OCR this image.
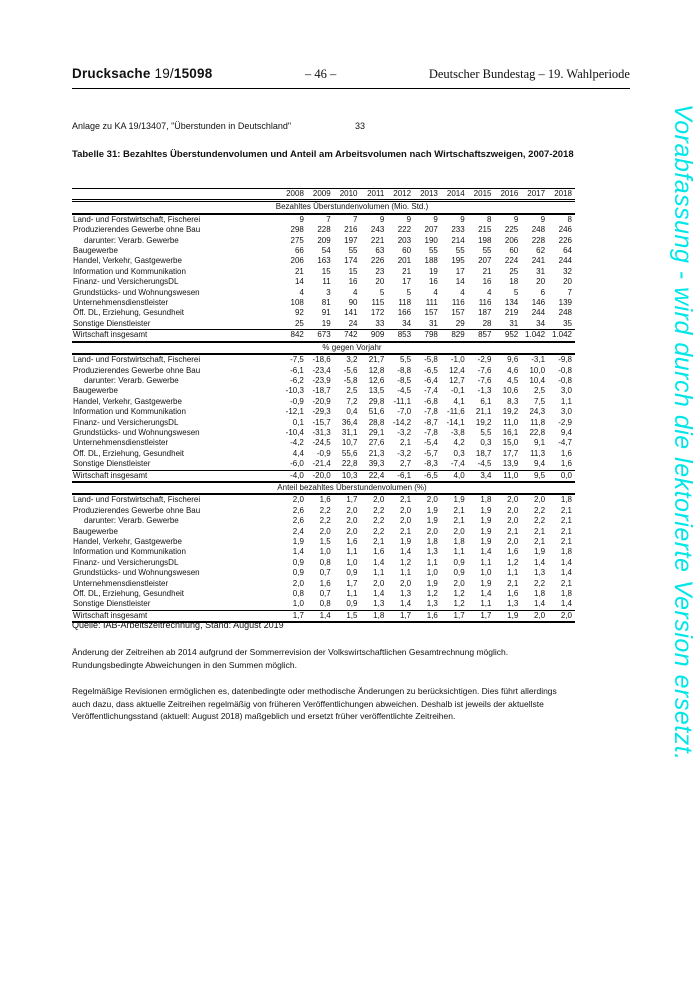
Drucksache 19/15098	– 46 –	Deutscher Bundestag – 19. Wahlperiode
Anlage zu KA 19/13407, "Überstunden in Deutschland"	33
Tabelle 31: Bezahltes Überstundenvolumen und Anteil am Arbeitsvolumen nach Wirtschaftszweigen, 2007-2018
	2008	2009	2010	2011	2012	2013	2014	2015	2016	2017	2018
Bezahltes Überstundenvolumen (Mio. Std.)											
Land- und Forstwirtschaft, Fischerei	9	7	7	9	9	9	9	8	9	9	8
Produzierendes Gewerbe ohne Bau	298	228	216	243	222	207	233	215	225	248	246
darunter: Verarb. Gewerbe	275	209	197	221	203	190	214	198	206	228	226
Baugewerbe	66	54	55	63	60	55	55	55	60	62	64
Handel, Verkehr, Gastgewerbe	206	163	174	226	201	188	195	207	224	241	244
Information und Kommunikation	21	15	15	23	21	19	17	21	25	31	32
Finanz- und VersicherungsDL	14	11	16	20	17	16	14	16	18	20	20
Grundstücks- und Wohnungswesen	4	3	4	5	5	4	4	4	5	6	7
Unternehmensdienstleister	108	81	90	115	118	111	116	116	134	146	139
Öff. DL, Erziehung, Gesundheit	92	91	141	172	166	157	157	187	219	244	248
Sonstige Dienstleister	25	19	24	33	34	31	29	28	31	34	35
Wirtschaft insgesamt	842	673	742	909	853	798	829	857	952	1.042	1.042
% gegen Vorjahr											
Land- und Forstwirtschaft, Fischerei	-7,5	-18,6	3,2	21,7	5,5	-5,8	-1,0	-2,9	9,6	-3,1	-9,8
Produzierendes Gewerbe ohne Bau	-6,1	-23,4	-5,6	12,8	-8,8	-6,5	12,4	-7,6	4,6	10,0	-0,8
darunter: Verarb. Gewerbe	-6,2	-23,9	-5,8	12,6	-8,5	-6,4	12,7	-7,6	4,5	10,4	-0,8
Baugewerbe	-10,3	-18,7	2,5	13,5	-4,5	-7,4	-0,1	-1,3	10,6	2,5	3,0
Handel, Verkehr, Gastgewerbe	-0,9	-20,9	7,2	29,8	-11,1	-6,8	4,1	6,1	8,3	7,5	1,1
Information und Kommunikation	-12,1	-29,3	0,4	51,6	-7,0	-7,8	-11,6	21,1	19,2	24,3	3,0
Finanz- und VersicherungsDL	0,1	-15,7	36,4	28,8	-14,2	-8,7	-14,1	19,2	11,0	11,8	-2,9
Grundstücks- und Wohnungswesen	-10,4	-31,3	31,1	29,1	-3,2	-7,8	-3,8	5,5	16,1	22,8	9,4
Unternehmensdienstleister	-4,2	-24,5	10,7	27,6	2,1	-5,4	4,2	0,3	15,0	9,1	-4,7
Öff. DL, Erziehung, Gesundheit	4,4	-0,9	55,6	21,3	-3,2	-5,7	0,3	18,7	17,7	11,3	1,6
Sonstige Dienstleister	-6,0	-21,4	22,8	39,3	2,7	-8,3	-7,4	-4,5	13,9	9,4	1,6
Wirtschaft insgesamt	-4,0	-20,0	10,3	22,4	-6,1	-6,5	4,0	3,4	11,0	9,5	0,0
Anteil bezahltes Überstundenvolumen (%)											
Land- und Forstwirtschaft, Fischerei	2,0	1,6	1,7	2,0	2,1	2,0	1,9	1,8	2,0	2,0	1,8
Produzierendes Gewerbe ohne Bau	2,6	2,2	2,0	2,2	2,0	1,9	2,1	1,9	2,0	2,2	2,1
darunter: Verarb. Gewerbe	2,6	2,2	2,0	2,2	2,0	1,9	2,1	1,9	2,0	2,2	2,1
Baugewerbe	2,4	2,0	2,0	2,2	2,1	2,0	2,0	1,9	2,1	2,1	2,1
Handel, Verkehr, Gastgewerbe	1,9	1,5	1,6	2,1	1,9	1,8	1,8	1,9	2,0	2,1	2,1
Information und Kommunikation	1,4	1,0	1,1	1,6	1,4	1,3	1,1	1,4	1,6	1,9	1,8
Finanz- und VersicherungsDL	0,9	0,8	1,0	1,4	1,2	1,1	0,9	1,1	1,2	1,4	1,4
Grundstücks- und Wohnungswesen	0,9	0,7	0,9	1,1	1,1	1,0	0,9	1,0	1,1	1,3	1,4
Unternehmensdienstleister	2,0	1,6	1,7	2,0	2,0	1,9	2,0	1,9	2,1	2,2	2,1
Öff. DL, Erziehung, Gesundheit	0,8	0,7	1,1	1,4	1,3	1,2	1,2	1,4	1,6	1,8	1,8
Sonstige Dienstleister	1,0	0,8	0,9	1,3	1,4	1,3	1,2	1,1	1,3	1,4	1,4
Wirtschaft insgesamt	1,7	1,4	1,5	1,8	1,7	1,6	1,7	1,7	1,9	2,0	2,0
Quelle: IAB-Arbeitszeitrechnung, Stand: August 2019
Änderung der Zeitreihen ab 2014 aufgrund der Sommerrevision der Volkswirtschaftlichen Gesamtrechnung möglich.
Rundungsbedingte Abweichungen in den Summen möglich.
Regelmäßige Revisionen ermöglichen es, datenbedingte oder methodische Änderungen zu berücksichtigen. Dies führt allerdings
auch dazu, dass aktuelle Zeitreihen regelmäßig von früheren Veröffentlichungen abweichen. Deshalb ist jeweils der aktuellste
Veröffentlichungsstand (aktuell: August 2018) maßgeblich und ersetzt früher veröffentlichte Zeitreihen.	Vorabfassung - wird durch die lektorierte Version ersetzt.
